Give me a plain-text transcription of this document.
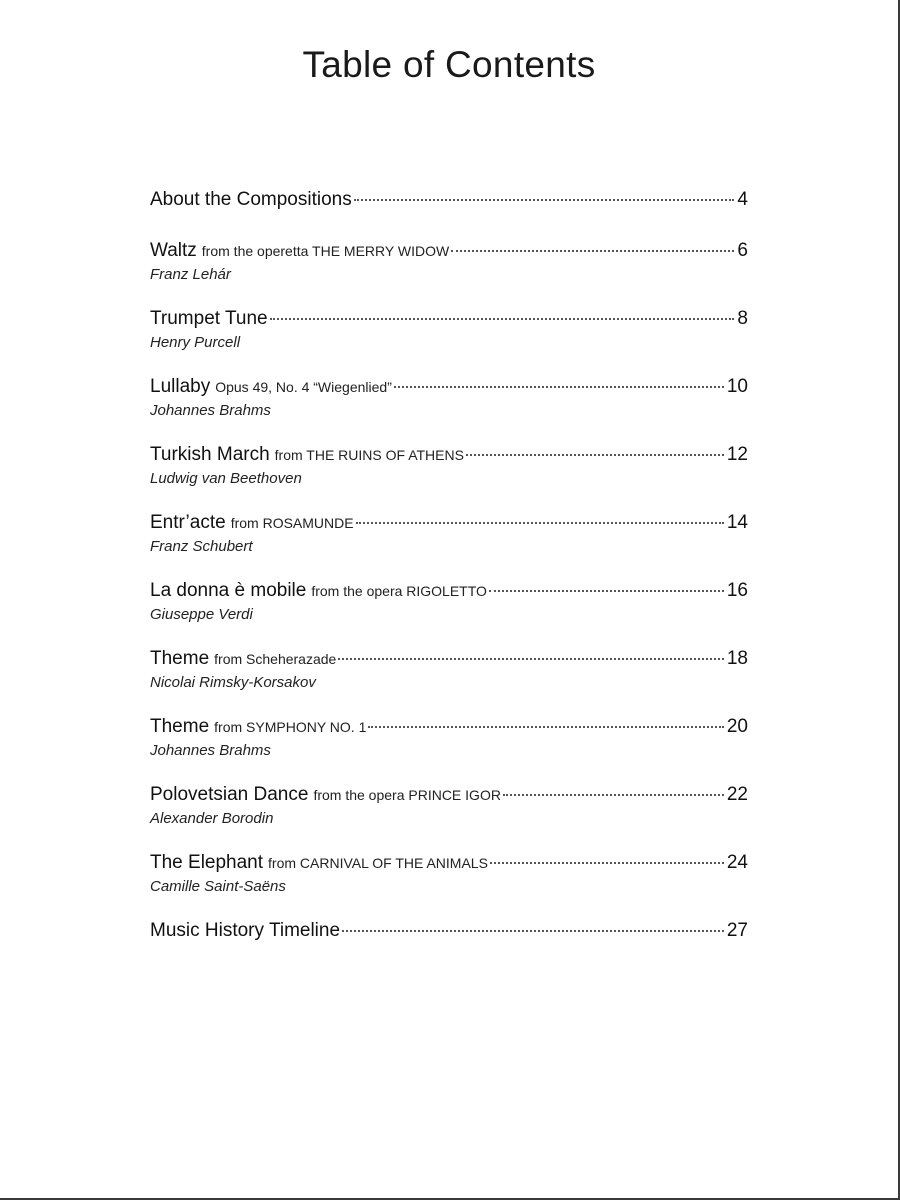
Table of Contents
About the Compositions	4
Waltz from the operetta THE MERRY WIDOW	6
Franz Lehár
Trumpet Tune	8
Henry Purcell
Lullaby Opus 49, No. 4 “Wiegenlied”	10
Johannes Brahms
Turkish March from THE RUINS OF ATHENS	12
Ludwig van Beethoven
Entr’acte from ROSAMUNDE	14
Franz Schubert
La donna è mobile from the opera RIGOLETTO	16
Giuseppe Verdi
Theme from Scheherazade	18
Nicolai Rimsky-Korsakov
Theme from SYMPHONY NO. 1	20
Johannes Brahms
Polovetsian Dance from the opera PRINCE IGOR	22
Alexander Borodin
The Elephant from CARNIVAL OF THE ANIMALS	24
Camille Saint-Saëns
Music History Timeline	27
